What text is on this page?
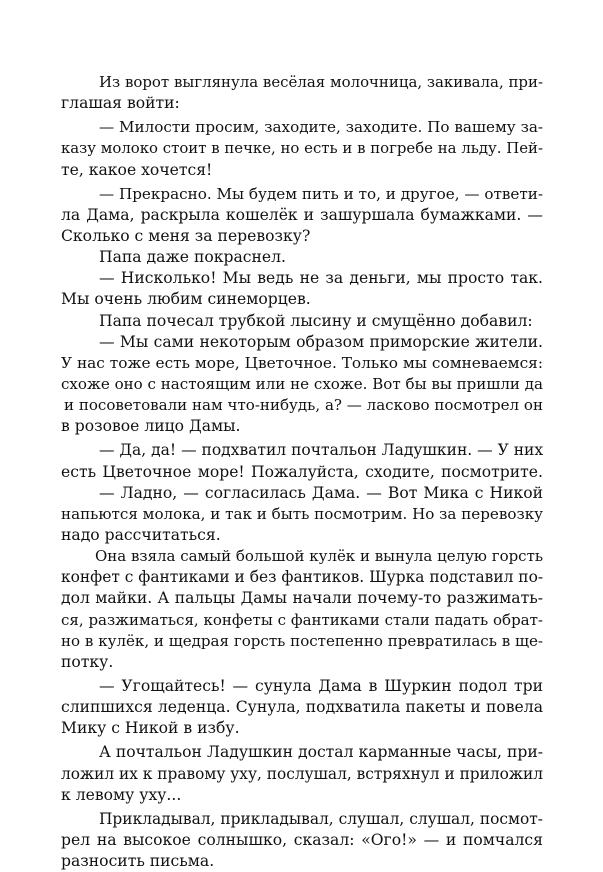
Из ворот выглянула весёлая молочница, закивала, при-
глашая войти:
— Милости просим, заходите, заходите. По вашему за-
казу молоко стоит в печке, но есть и в погребе на льду. Пей-
те, какое хочется!
— Прекрасно. Мы будем пить и то, и другое, — ответи-
ла Дама, раскрыла кошелёк и зашуршала бумажками. —
Сколько с меня за перевозку?
Папа даже покраснел.
— Нисколько! Мы ведь не за деньги, мы просто так.
Мы очень любим синеморцев.
Папа почесал трубкой лысину и смущённо добавил:
— Мы сами некоторым образом приморские жители.
У нас тоже есть море, Цветочное. Только мы сомневаемся:
схоже оно с настоящим или не схоже. Вот бы вы пришли да
и посоветовали нам что-нибудь, а? — ласково посмотрел он
в розовое лицо Дамы.
— Да, да! — подхватил почтальон Ладушкин. — У них
есть Цветочное море! Пожалуйста, сходите, посмотрите.
— Ладно, — согласилась Дама. — Вот Мика с Никой
напьются молока, и так и быть посмотрим. Но за перевозку
надо рассчитаться.
Она взяла самый большой кулёк и вынула целую горсть
конфет с фантиками и без фантиков. Шурка подставил по-
дол майки. А пальцы Дамы начали почему-то разжимать-
ся, разжиматься, конфеты с фантиками стали падать обрат-
но в кулёк, и щедрая горсть постепенно превратилась в ще-
потку.
— Угощайтесь! — сунула Дама в Шуркин подол три
слипшихся леденца. Сунула, подхватила пакеты и повела
Мику с Никой в избу.
А почтальон Ладушкин достал карманные часы, при-
ложил их к правому уху, послушал, встряхнул и приложил
к левому уху...
Прикладывал, прикладывал, слушал, слушал, посмот-
рел на высокое солнышко, сказал: «Ого!» — и помчался
разносить письма.
